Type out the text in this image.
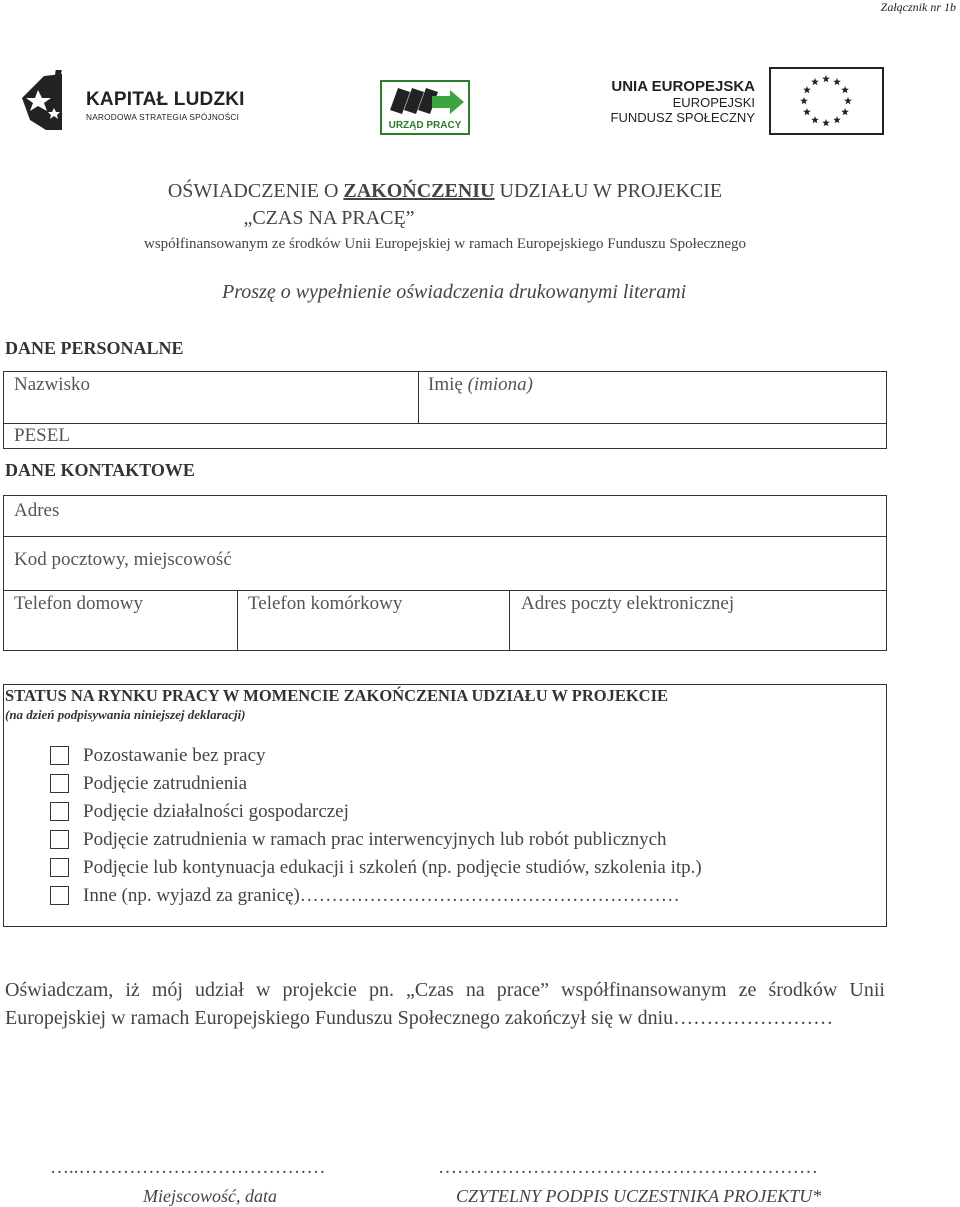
Załącznik nr 1b
KAPITAŁ LUDZKI
NARODOWA STRATEGIA SPÓJNOŚCI
URZĄD PRACY
UNIA EUROPEJSKA
EUROPEJSKI
FUNDUSZ SPOŁECZNY
OŚWIADCZENIE O ZAKOŃCZENIU UDZIAŁU W PROJEKCIE
„CZAS NA PRACĘ”
współfinansowanym ze środków Unii Europejskiej w ramach Europejskiego Funduszu Społecznego
Proszę o wypełnienie oświadczenia drukowanymi literami
DANE PERSONALNE
Nazwisko	Imię (imiona)
PESEL
DANE KONTAKTOWE
Adres
Kod pocztowy, miejscowość
Telefon domowy	Telefon komórkowy	Adres poczty elektronicznej
STATUS NA RYNKU PRACY W MOMENCIE ZAKOŃCZENIA UDZIAŁU W PROJEKCIE
(na dzień podpisywania niniejszej deklaracji)
Pozostawanie bez pracy
Podjęcie zatrudnienia
Podjęcie działalności gospodarczej
Podjęcie zatrudnienia w ramach prac interwencyjnych lub robót publicznych
Podjęcie lub kontynuacja edukacji i szkoleń (np. podjęcie studiów, szkolenia itp.)
Inne (np. wyjazd za granicę)……………………………………………………
Oświadczam, iż mój udział w projekcie pn. „Czas na prace” współfinansowanym ze środków Unii Europejskiej w ramach Europejskiego Funduszu Społecznego zakończył się w dniu……………………
…..…………………………………
Miejscowość, data
……………………………………………………
CZYTELNY PODPIS UCZESTNIKA PROJEKTU*
